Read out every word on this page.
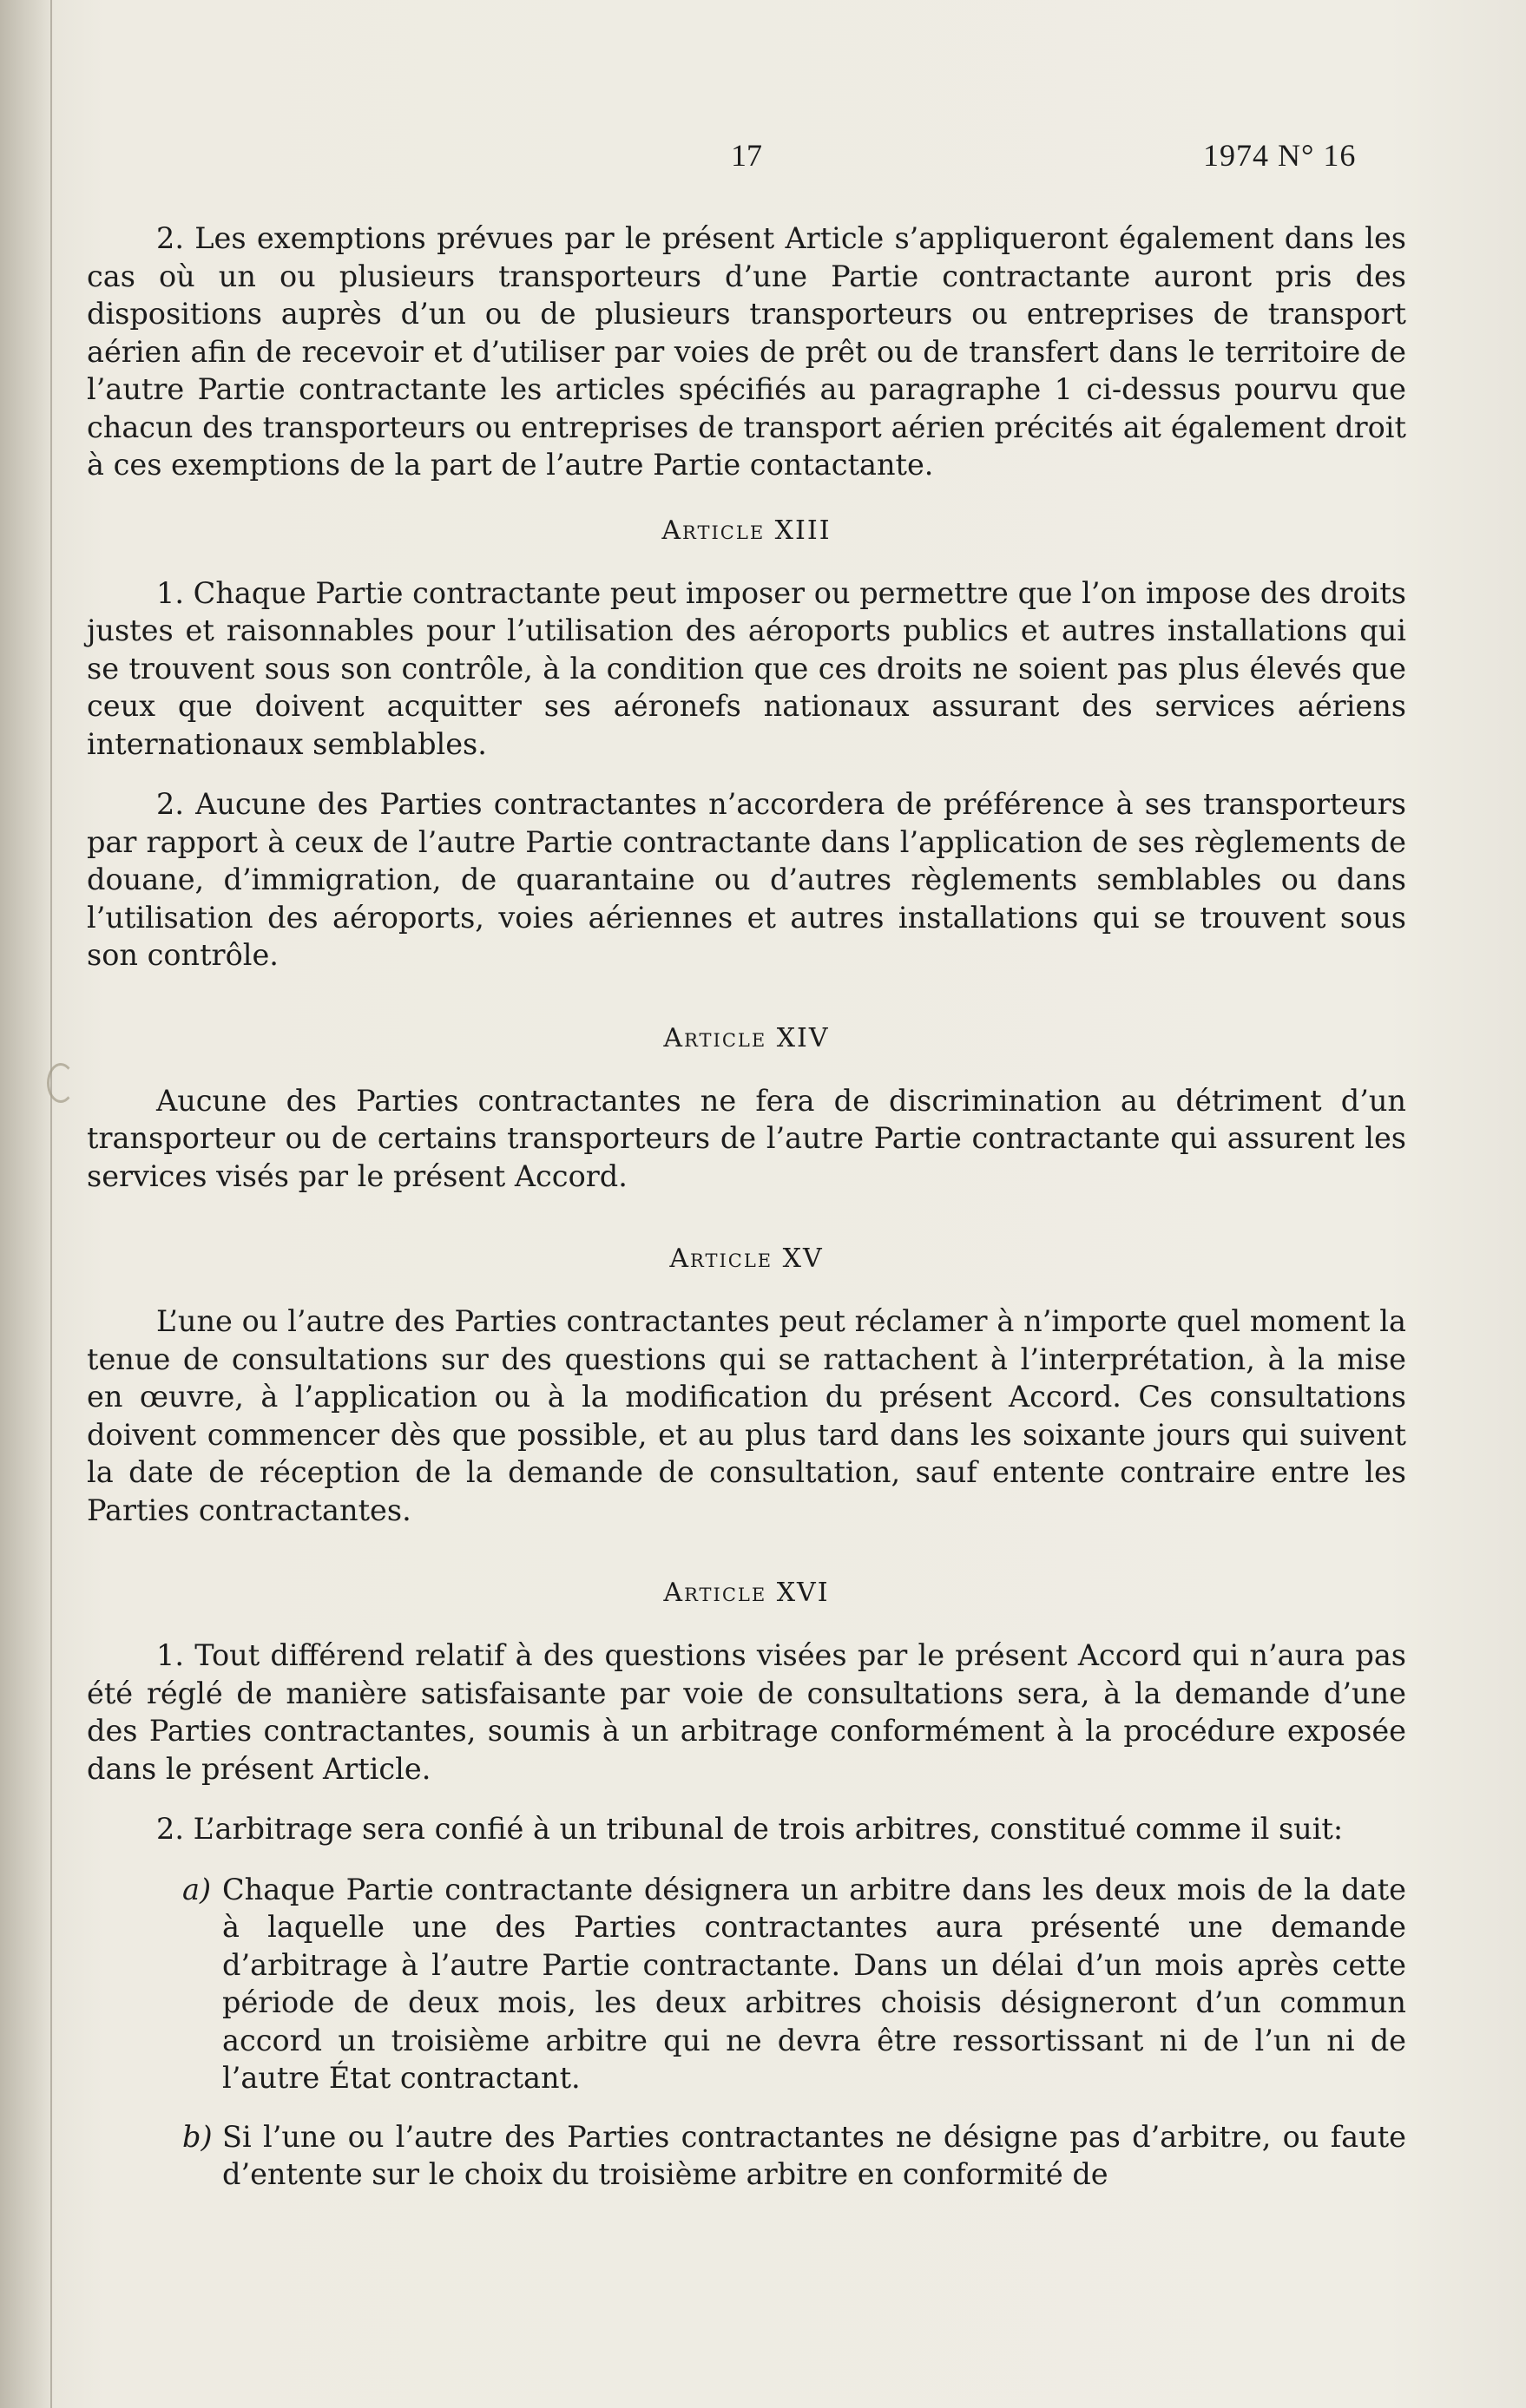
17	1974 N° 16

2. Les exemptions prévues par le présent Article s’appliqueront également dans les cas où un ou plusieurs transporteurs d’une Partie contractante auront pris des dispositions auprès d’un ou de plusieurs transporteurs ou entreprises de transport aérien afin de recevoir et d’utiliser par voies de prêt ou de transfert dans le territoire de l’autre Partie contractante les articles spécifiés au paragraphe 1 ci-dessus pourvu que chacun des transporteurs ou entreprises de transport aérien précités ait également droit à ces exemptions de la part de l’autre Partie contactante.

Article XIII

1. Chaque Partie contractante peut imposer ou permettre que l’on impose des droits justes et raisonnables pour l’utilisation des aéroports publics et autres installations qui se trouvent sous son contrôle, à la condition que ces droits ne soient pas plus élevés que ceux que doivent acquitter ses aéronefs nationaux assurant des services aériens internationaux semblables.

2. Aucune des Parties contractantes n’accordera de préférence à ses transporteurs par rapport à ceux de l’autre Partie contractante dans l’application de ses règlements de douane, d’immigration, de quarantaine ou d’autres règlements semblables ou dans l’utilisation des aéroports, voies aériennes et autres installations qui se trouvent sous son contrôle.

Article XIV

Aucune des Parties contractantes ne fera de discrimination au détriment d’un transporteur ou de certains transporteurs de l’autre Partie contractante qui assurent les services visés par le présent Accord.

Article XV

L’une ou l’autre des Parties contractantes peut réclamer à n’importe quel moment la tenue de consultations sur des questions qui se rattachent à l’interprétation, à la mise en œuvre, à l’application ou à la modification du présent Accord. Ces consultations doivent commencer dès que possible, et au plus tard dans les soixante jours qui suivent la date de réception de la demande de consultation, sauf entente contraire entre les Parties contractantes.

Article XVI

1. Tout différend relatif à des questions visées par le présent Accord qui n’aura pas été réglé de manière satisfaisante par voie de consultations sera, à la demande d’une des Parties contractantes, soumis à un arbitrage conformément à la procédure exposée dans le présent Article.

2. L’arbitrage sera confié à un tribunal de trois arbitres, constitué comme il suit:

a) Chaque Partie contractante désignera un arbitre dans les deux mois de la date à laquelle une des Parties contractantes aura présenté une demande d’arbitrage à l’autre Partie contractante. Dans un délai d’un mois après cette période de deux mois, les deux arbitres choisis désigneront d’un commun accord un troisième arbitre qui ne devra être ressortissant ni de l’un ni de l’autre État contractant.
b) Si l’une ou l’autre des Parties contractantes ne désigne pas d’arbitre, ou faute d’entente sur le choix du troisième arbitre en conformité de
